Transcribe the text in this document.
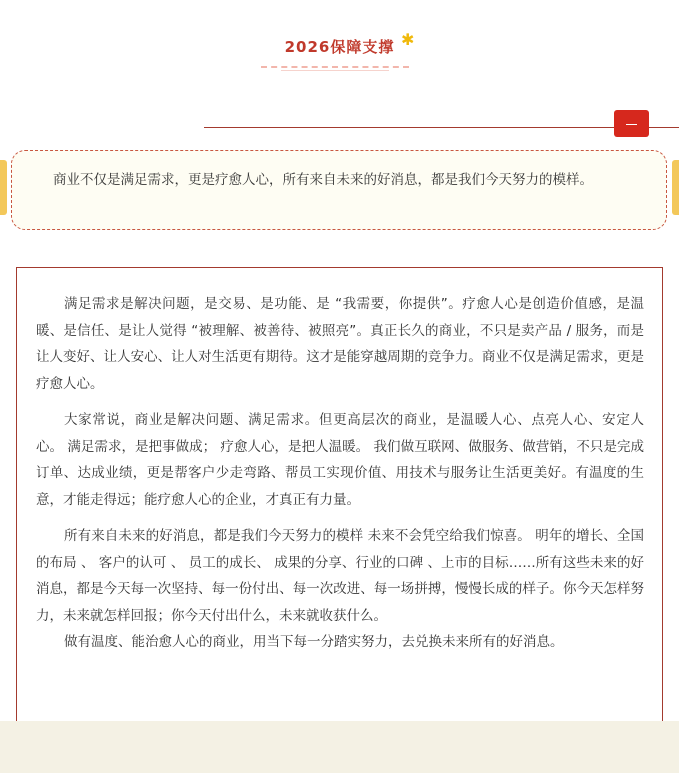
2026保障支撑 ✱
商业不仅是满足需求，更是疗愈人心，所有来自未来的好消息，都是我们今天努力的模样。

满足需求是解决问题，是交易、是功能、是 “我需要，你提供”。疗愈人心是创造价值感，是温暖、是信任、是让人觉得 “被理解、被善待、被照亮”。真正长久的商业，不只是卖产品 / 服务，而是让人变好、让人安心、让人对生活更有期待。这才是能穿越周期的竞争力。商业不仅是满足需求，更是疗愈人心。

大家常说，商业是解决问题、满足需求。但更高层次的商业，是温暖人心、点亮人心、安定人心。 满足需求，是把事做成； 疗愈人心，是把人温暖。 我们做互联网、做服务、做营销，不只是完成订单、达成业绩，更是帮客户少走弯路、帮员工实现价值、用技术与服务让生活更美好。有温度的生意，才能走得远；能疗愈人心的企业，才真正有力量。

所有来自未来的好消息，都是我们今天努力的模样 未来不会凭空给我们惊喜。 明年的增长、全国的布局 、 客户的认可 、 员工的成长、 成果的分享、行业的口碑 、上市的目标……所有这些未来的好消息，都是今天每一次坚持、每一份付出、每一次改进、每一场拼搏，慢慢长成的样子。你今天怎样努力，未来就怎样回报；你今天付出什么，未来就收获什么。

做有温度、能治愈人心的商业，用当下每一分踏实努力，去兑换未来所有的好消息。
